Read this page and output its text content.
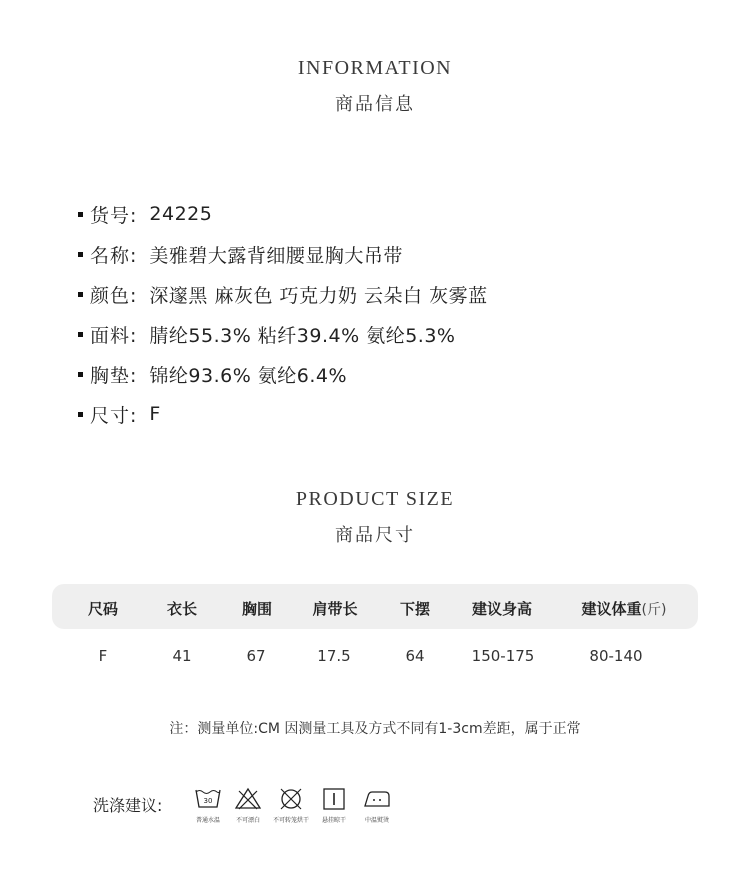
INFORMATION
商品信息
货号: 24225
名称: 美雅碧大露背细腰显胸大吊带
颜色: 深邃黑 麻灰色 巧克力奶 云朵白 灰雾蓝
面料: 腈纶55.3% 粘纤39.4% 氨纶5.3%
胸垫: 锦纶93.6% 氨纶6.4%
尺寸: F
PRODUCT SIZE
商品尺寸
尺码	衣长	胸围	肩带长	下摆	建议身高	建议体重(斤)
F	41	67	17.5	64	150-175	80-140
注：测量单位:CM 因测量工具及方式不同有1-3cm差距，属于正常
洗涤建议:	30
普通水温	不可漂白	不可转笼烘干	悬挂晾干	中温熨烫
